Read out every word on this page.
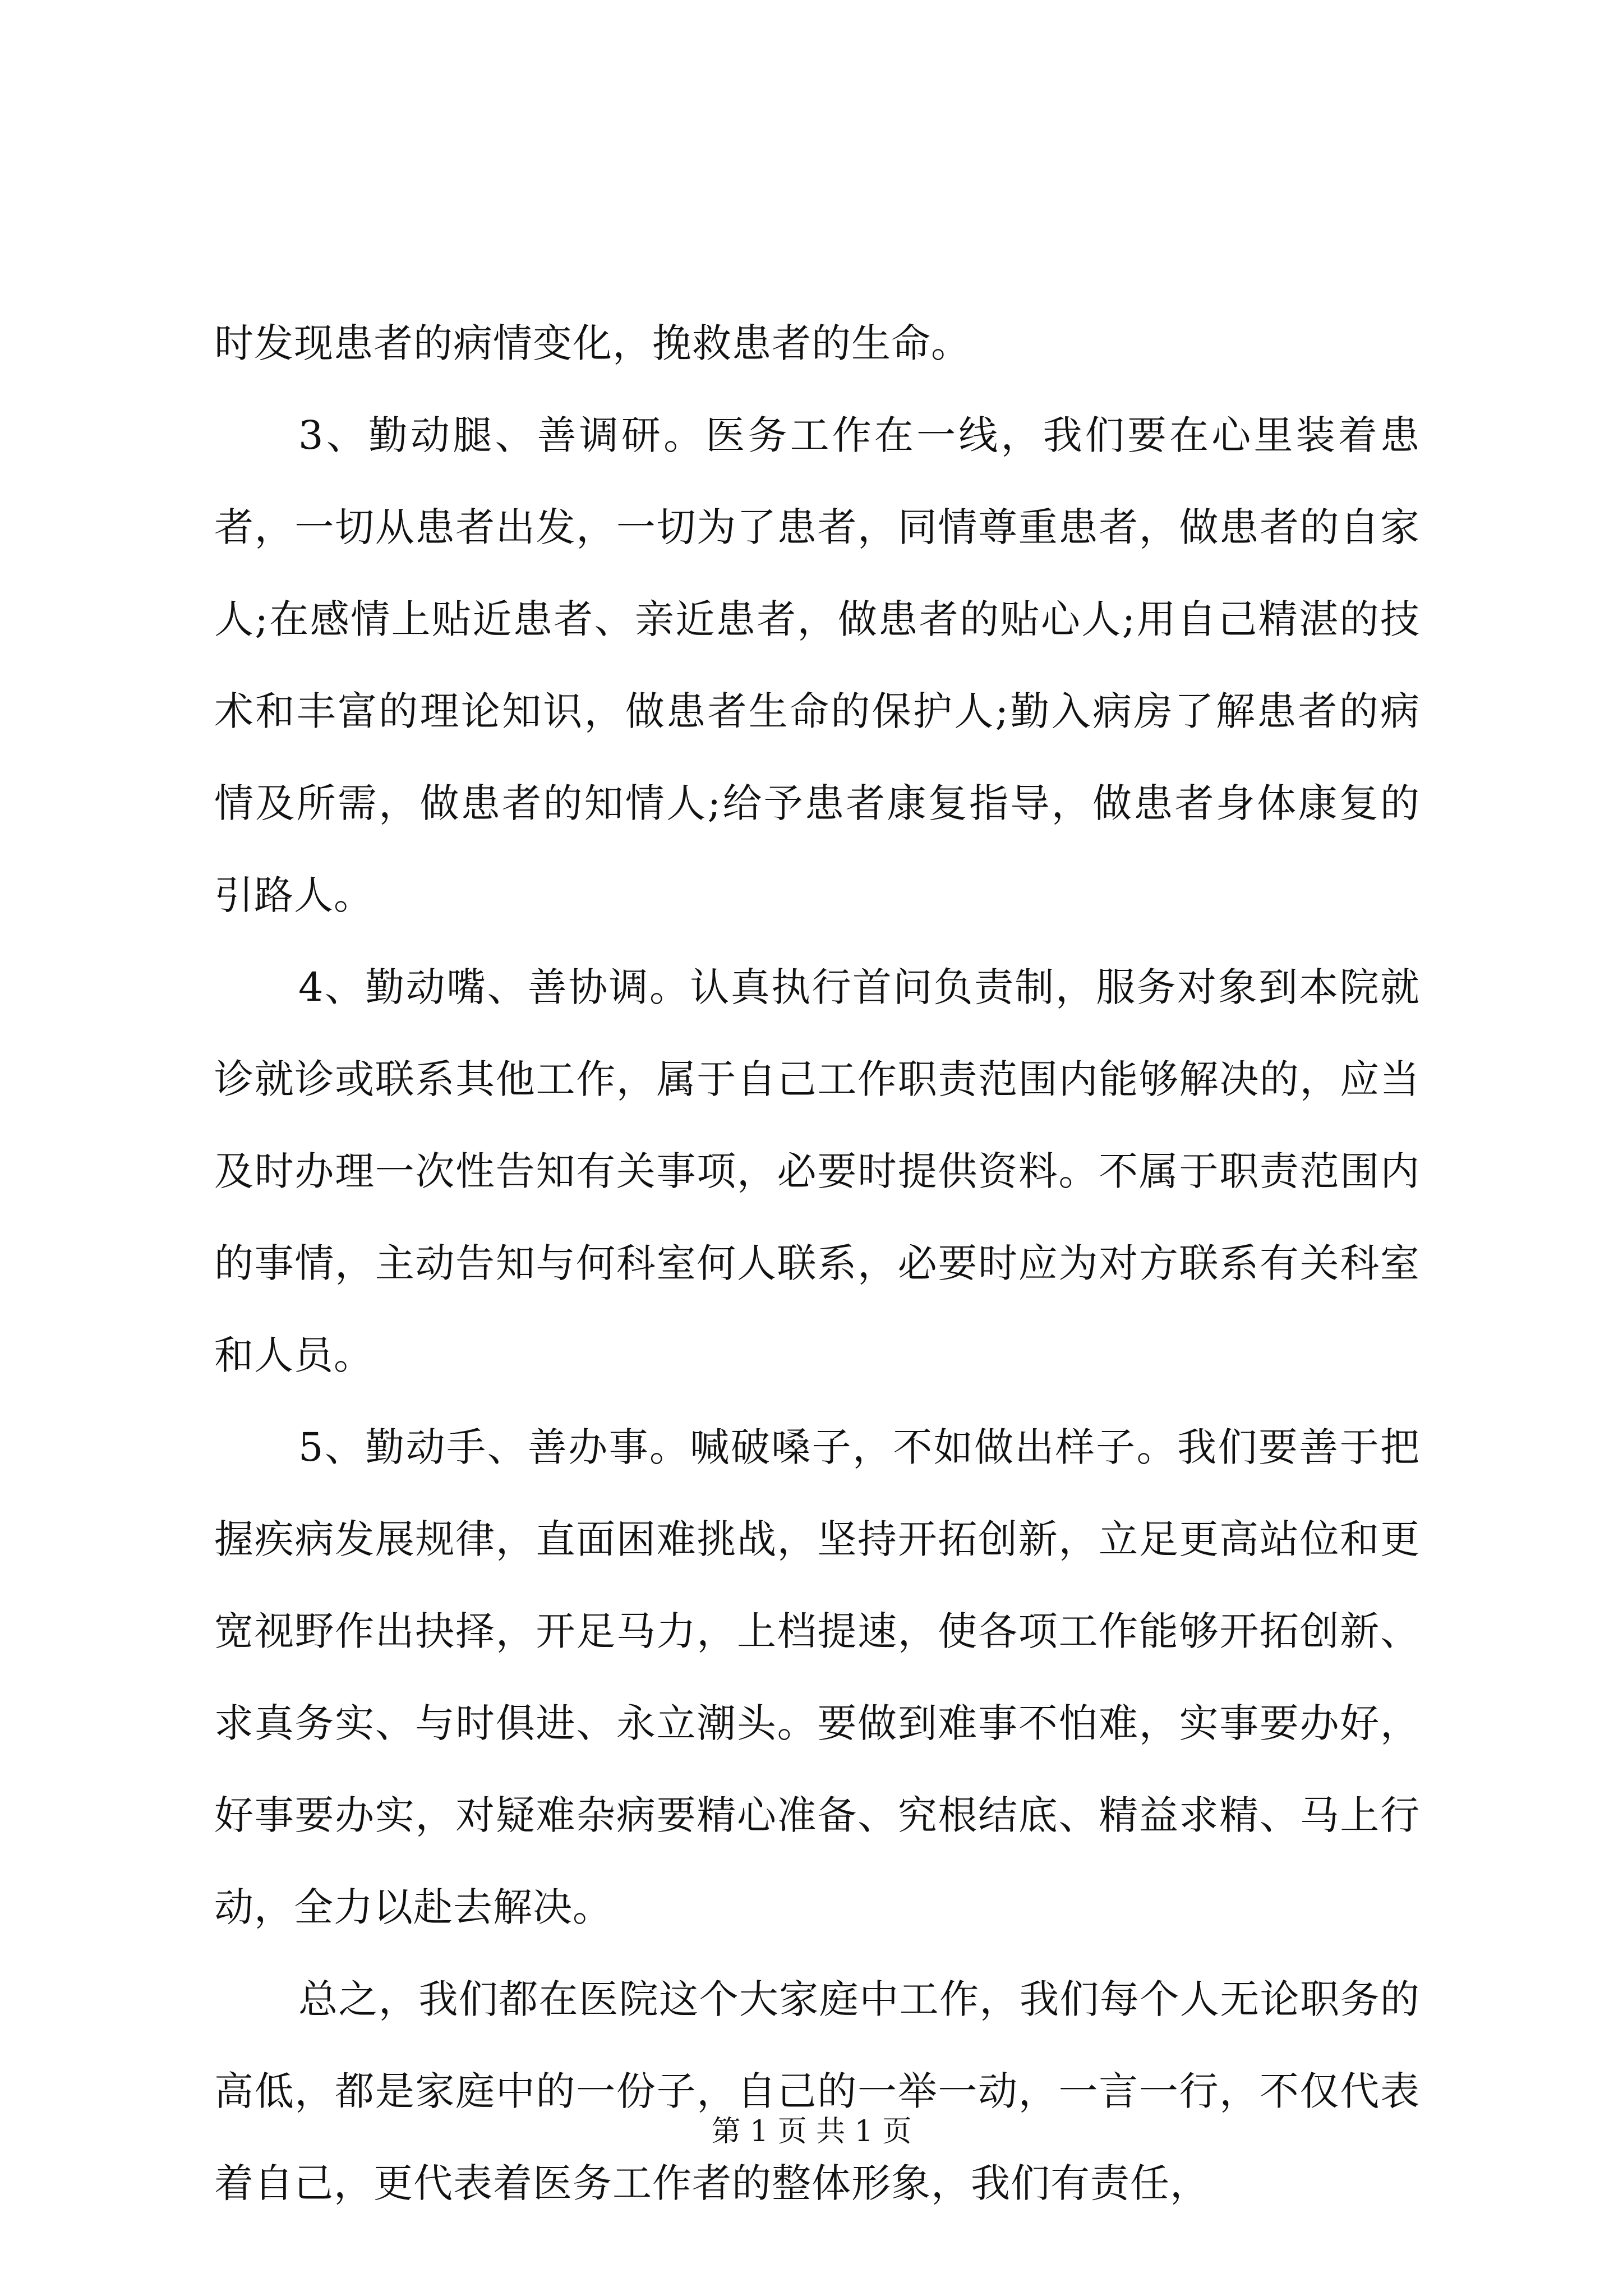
时发现患者的病情变化，挽救患者的生命。

3、勤动腿、善调研。医务工作在一线，我们要在心里装着患者，一切从患者出发，一切为了患者，同情尊重患者，做患者的自家人;在感情上贴近患者、亲近患者，做患者的贴心人;用自己精湛的技术和丰富的理论知识，做患者生命的保护人;勤入病房了解患者的病情及所需，做患者的知情人;给予患者康复指导，做患者身体康复的引路人。

4、勤动嘴、善协调。认真执行首问负责制，服务对象到本院就诊就诊或联系其他工作，属于自己工作职责范围内能够解决的，应当及时办理一次性告知有关事项，必要时提供资料。不属于职责范围内的事情，主动告知与何科室何人联系，必要时应为对方联系有关科室和人员。

5、勤动手、善办事。喊破嗓子，不如做出样子。我们要善于把握疾病发展规律，直面困难挑战，坚持开拓创新，立足更高站位和更宽视野作出抉择，开足马力，上档提速，使各项工作能够开拓创新、求真务实、与时俱进、永立潮头。要做到难事不怕难，实事要办好，好事要办实，对疑难杂病要精心准备、究根结底、精益求精、马上行动，全力以赴去解决。

总之，我们都在医院这个大家庭中工作，我们每个人无论职务的高低，都是家庭中的一份子，自己的一举一动，一言一行，不仅代表着自己，更代表着医务工作者的整体形象，我们有责任，

第 1 页 共 1 页
